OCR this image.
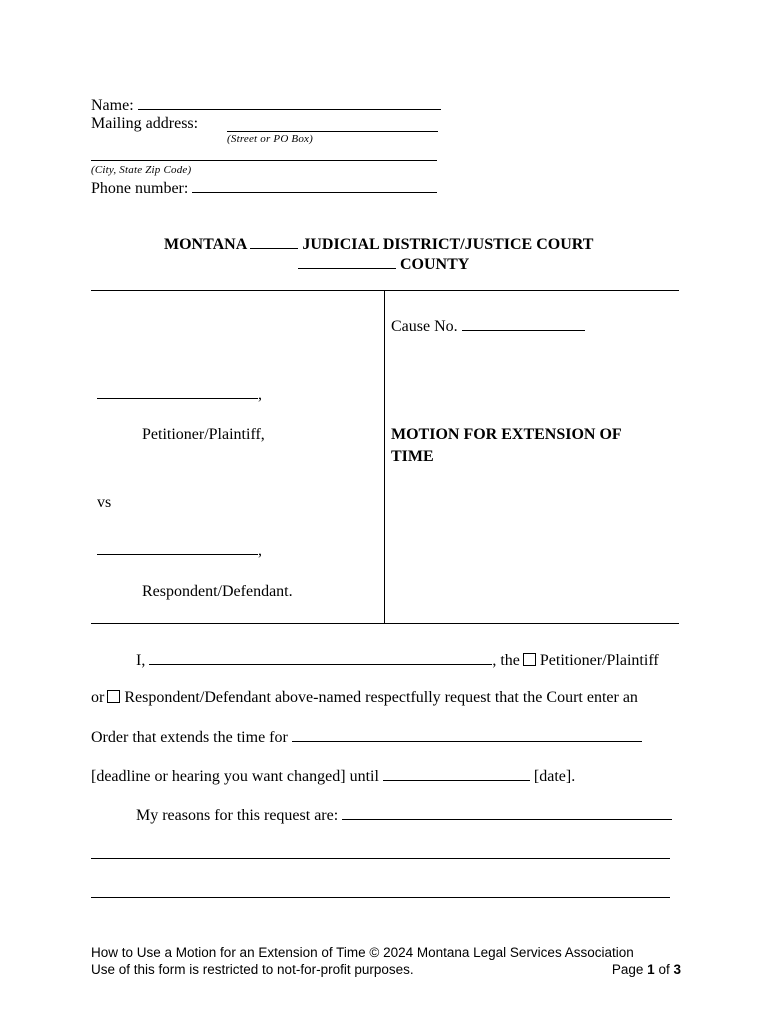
Name:
Mailing address:
(Street or PO Box)
(City, State Zip Code)
Phone number:
MONTANA	JUDICIAL DISTRICT/JUSTICE COURT
COUNTY
,
Petitioner/Plaintiff,
vs
,
Respondent/Defendant.
Cause No.
MOTION FOR EXTENSION OF
TIME
I,	, the Petitioner/Plaintiff
or Respondent/Defendant above-named respectfully request that the Court enter an
Order that extends the time for
[deadline or hearing you want changed] until	[date].
My reasons for this request are:
How to Use a Motion for an Extension of Time © 2024 Montana Legal Services Association
Use of this form is restricted to not-for-profit purposes.	Page 1 of 3
